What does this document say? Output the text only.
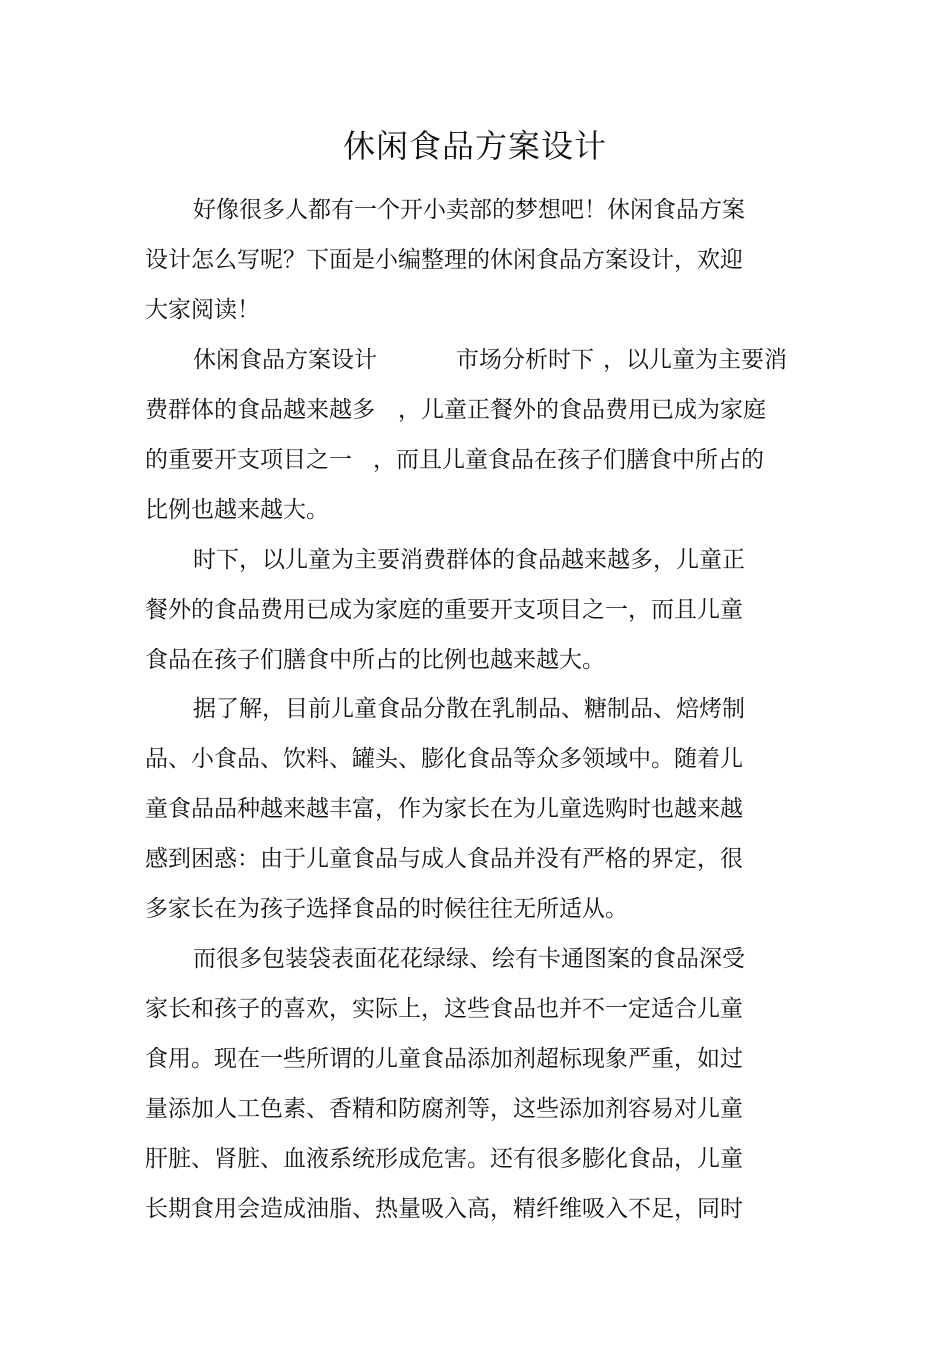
休闲食品方案设计
好像很多人都有一个开小卖部的梦想吧！休闲食品方案
设计怎么写呢？下面是小编整理的休闲食品方案设计，欢迎
大家阅读！
休闲食品方案设计	市场分析时下 ，以儿童为主要消
费群体的食品越来越多 ，儿童正餐外的食品费用已成为家庭
的重要开支项目之一 ，而且儿童食品在孩子们膳食中所占的
比例也越来越大。
时下，以儿童为主要消费群体的食品越来越多，儿童正
餐外的食品费用已成为家庭的重要开支项目之一，而且儿童
食品在孩子们膳食中所占的比例也越来越大。
据了解，目前儿童食品分散在乳制品、糖制品、焙烤制
品、小食品、饮料、罐头、膨化食品等众多领域中。随着儿
童食品品种越来越丰富，作为家长在为儿童选购时也越来越
感到困惑：由于儿童食品与成人食品并没有严格的界定，很
多家长在为孩子选择食品的时候往往无所适从。
而很多包装袋表面花花绿绿、绘有卡通图案的食品深受
家长和孩子的喜欢，实际上，这些食品也并不一定适合儿童
食用。现在一些所谓的儿童食品添加剂超标现象严重，如过
量添加人工色素、香精和防腐剂等，这些添加剂容易对儿童
肝脏、肾脏、血液系统形成危害。还有很多膨化食品，儿童
长期食用会造成油脂、热量吸入高，精纤维吸入不足，同时
